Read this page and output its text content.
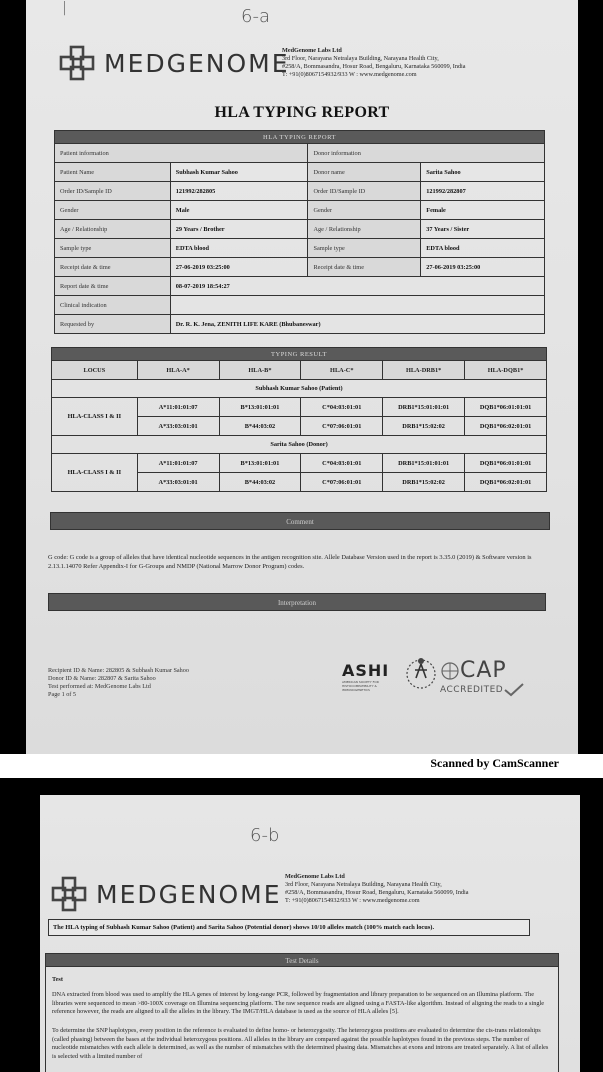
6-a
|
MEDGENOME
MedGenome Labs Ltd
3rd Floor, Narayana Netralaya Building, Narayana Health City,
#258/A, Bommasandra, Hosur Road, Bengaluru, Karnataka 560099, India
T: +91(0)8067154932/933 W : www.medgenome.com
HLA TYPING REPORT
HLA TYPING REPORT			
Patient information		Donor information	
Patient Name	Subhash Kumar Sahoo	Donor name	Sarita Sahoo
Order ID/Sample ID	121992/282805	Order ID/Sample ID	121992/282807
Gender	Male	Gender	Female
Age / Relationship	29 Years / Brother	Age / Relationship	37 Years / Sister
Sample type	EDTA blood	Sample type	EDTA blood
Receipt date & time	27-06-2019 03:25:00	Receipt date & time	27-06-2019 03:25:00
Report date & time	08-07-2019 18:54:27		
Clinical indication			
Requested by	Dr. R. K. Jena, ZENITH LIFE KARE (Bhubaneswar)		
TYPING RESULT					
LOCUS	HLA-A*	HLA-B*	HLA-C*	HLA-DRB1*	HLA-DQB1*
Subhash Kumar Sahoo (Patient)					
HLA-CLASS I & II	A*11:01:01:07	B*13:01:01:01	C*04:03:01:01	DRB1*15:01:01:01	DQB1*06:01:01:01
	A*33:03:01:01	B*44:03:02	C*07:06:01:01	DRB1*15:02:02	DQB1*06:02:01:01
Sarita Sahoo (Donor)					
HLA-CLASS I & II	A*11:01:01:07	B*13:01:01:01	C*04:03:01:01	DRB1*15:01:01:01	DQB1*06:01:01:01
	A*33:03:01:01	B*44:03:02	C*07:06:01:01	DRB1*15:02:02	DQB1*06:02:01:01
Comment
G code: G code is a group of alleles that have identical nucleotide sequences in the antigen recognition site. Allele Database Version used in the report is 3.35.0 (2019) & Software version is 2.13.1.14070 Refer Appendix-I for G-Groups and NMDP (National Marrow Donor Program) codes.
Interpretation
Recipient ID & Name: 282805 & Subhash Kumar Sahoo
Donor ID & Name: 282807 & Sarita Sahoo
Test performed at: MedGenome Labs Ltd
Page 1 of 5
ASHI
AMERICAN SOCIETY FOR HISTOCOMPATIBILITY & IMMUNOGENETICS
CAP
ACCREDITED
Scanned by CamScanner
6-b
MEDGENOME
MedGenome Labs Ltd
3rd Floor, Narayana Netralaya Building, Narayana Health City,
#258/A, Bommasandra, Hosur Road, Bengaluru, Karnataka 560099, India
T: +91(0)8067154932/933 W : www.medgenome.com
The HLA typing of Subhash Kumar Sahoo (Patient) and Sarita Sahoo (Potential donor) shows 10/10 alleles match (100% match each locus).
Test Details
Test
DNA extracted from blood was used to amplify the HLA genes of interest by long-range PCR, followed by fragmentation and library preparation to be sequenced on an Illumina platform. The libraries were sequenced to mean >80-100X coverage on Illumina sequencing platform. The raw sequence reads are aligned using a FASTA-like algorithm. Instead of aligning the reads to a single reference however, the reads are aligned to all the alleles in the library. The IMGT/HLA database is used as the source of HLA alleles [5].
To determine the SNP haplotypes, every position in the reference is evaluated to define homo- or heterozygosity. The heterozygous positions are evaluated to determine the cis-trans relationships (called phasing) between the bases at the individual heterozygous positions. All alleles in the library are compared against the possible haplotypes found in the previous steps. The number of nucleotide mismatches with each allele is determined, as well as the number of mismatches with the determined phasing data. Mismatches at exons and introns are treated separately. A list of alleles is selected with a limited number of
